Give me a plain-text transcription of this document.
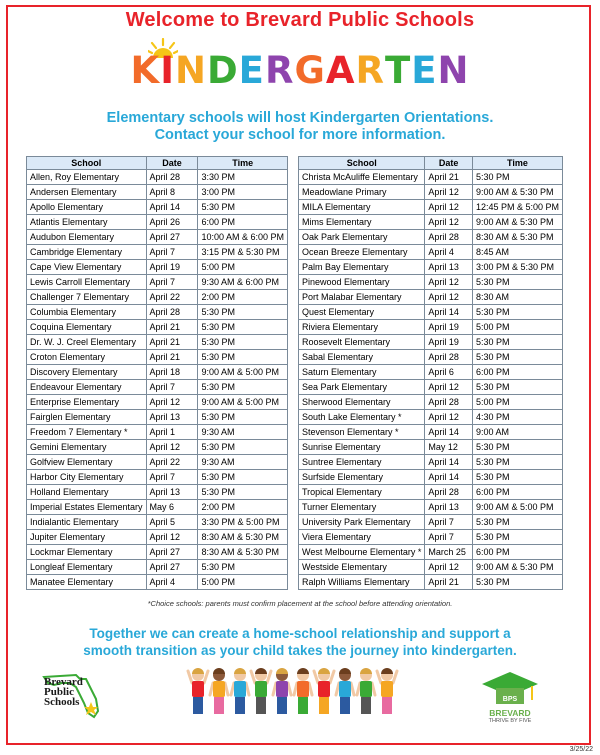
Welcome to Brevard Public Schools
KINDERGARTEN
Elementary schools will host Kindergarten Orientations.
Contact your school for more information.
School	Date	Time
Allen, Roy Elementary	April 28	3:30 PM
Andersen Elementary	April 8	3:00 PM
Apollo Elementary	April 14	5:30 PM
Atlantis Elementary	April 26	6:00 PM
Audubon Elementary	April 27	10:00 AM & 6:00 PM
Cambridge Elementary	April 7	3:15 PM & 5:30 PM
Cape View Elementary	April 19	5:00 PM
Lewis Carroll Elementary	April 7	9:30 AM & 6:00 PM
Challenger 7 Elementary	April 22	2:00 PM
Columbia Elementary	April 28	5:30 PM
Coquina Elementary	April 21	5:30 PM
Dr. W. J. Creel Elementary	April 21	5:30 PM
Croton Elementary	April 21	5:30 PM
Discovery Elementary	April 18	9:00 AM & 5:00 PM
Endeavour Elementary	April 7	5:30 PM
Enterprise Elementary	April 12	9:00 AM & 5:00 PM
Fairglen Elementary	April 13	5:30 PM
Freedom 7 Elementary *	April 1	9:30 AM
Gemini Elementary	April 12	5:30 PM
Golfview Elementary	April 22	9:30 AM
Harbor City Elementary	April 7	5:30 PM
Holland Elementary	April 13	5:30 PM
Imperial Estates Elementary	May 6	2:00 PM
Indialantic Elementary	April 5	3:30 PM & 5:00 PM
Jupiter Elementary	April 12	8:30 AM & 5:30 PM
Lockmar Elementary	April 27	8:30 AM & 5:30 PM
Longleaf Elementary	April 27	5:30 PM
Manatee Elementary	April 4	5:00 PM
School	Date	Time
Christa McAuliffe Elementary	April 21	5:30 PM
Meadowlane Primary	April 12	9:00 AM & 5:30 PM
MILA Elementary	April 12	12:45 PM & 5:00 PM
Mims Elementary	April 12	9:00 AM & 5:30 PM
Oak Park Elementary	April 28	8:30 AM & 5:30 PM
Ocean Breeze Elementary	April 4	8:45 AM
Palm Bay Elementary	April 13	3:00 PM & 5:30 PM
Pinewood Elementary	April 12	5:30 PM
Port Malabar Elementary	April 12	8:30 AM
Quest Elementary	April 14	5:30 PM
Riviera Elementary	April 19	5:00 PM
Roosevelt Elementary	April 19	5:30 PM
Sabal Elementary	April 28	5:30 PM
Saturn Elementary	April 6	6:00 PM
Sea Park Elementary	April 12	5:30 PM
Sherwood Elementary	April 28	5:00 PM
South Lake Elementary *	April 12	4:30 PM
Stevenson Elementary *	April 14	9:00 AM
Sunrise Elementary	May 12	5:30 PM
Suntree Elementary	April 14	5:30 PM
Surfside Elementary	April 14	5:30 PM
Tropical Elementary	April 28	6:00 PM
Turner Elementary	April 13	9:00 AM & 5:00 PM
University Park Elementary	April 7	5:30 PM
Viera Elementary	April 7	5:30 PM
West Melbourne Elementary *	March 25	6:00 PM
Westside Elementary	April 12	9:00 AM & 5:30 PM
Ralph Williams Elementary	April 21	5:30 PM
*Choice schools: parents must confirm placement at the school before attending orientation.
Together we can create a home-school relationship and support a
smooth transition as your child takes the journey into kindergarten.
Brevard
Public
Schools	BPS
BREVARD
THRIVE BY FIVE
3/25/22
